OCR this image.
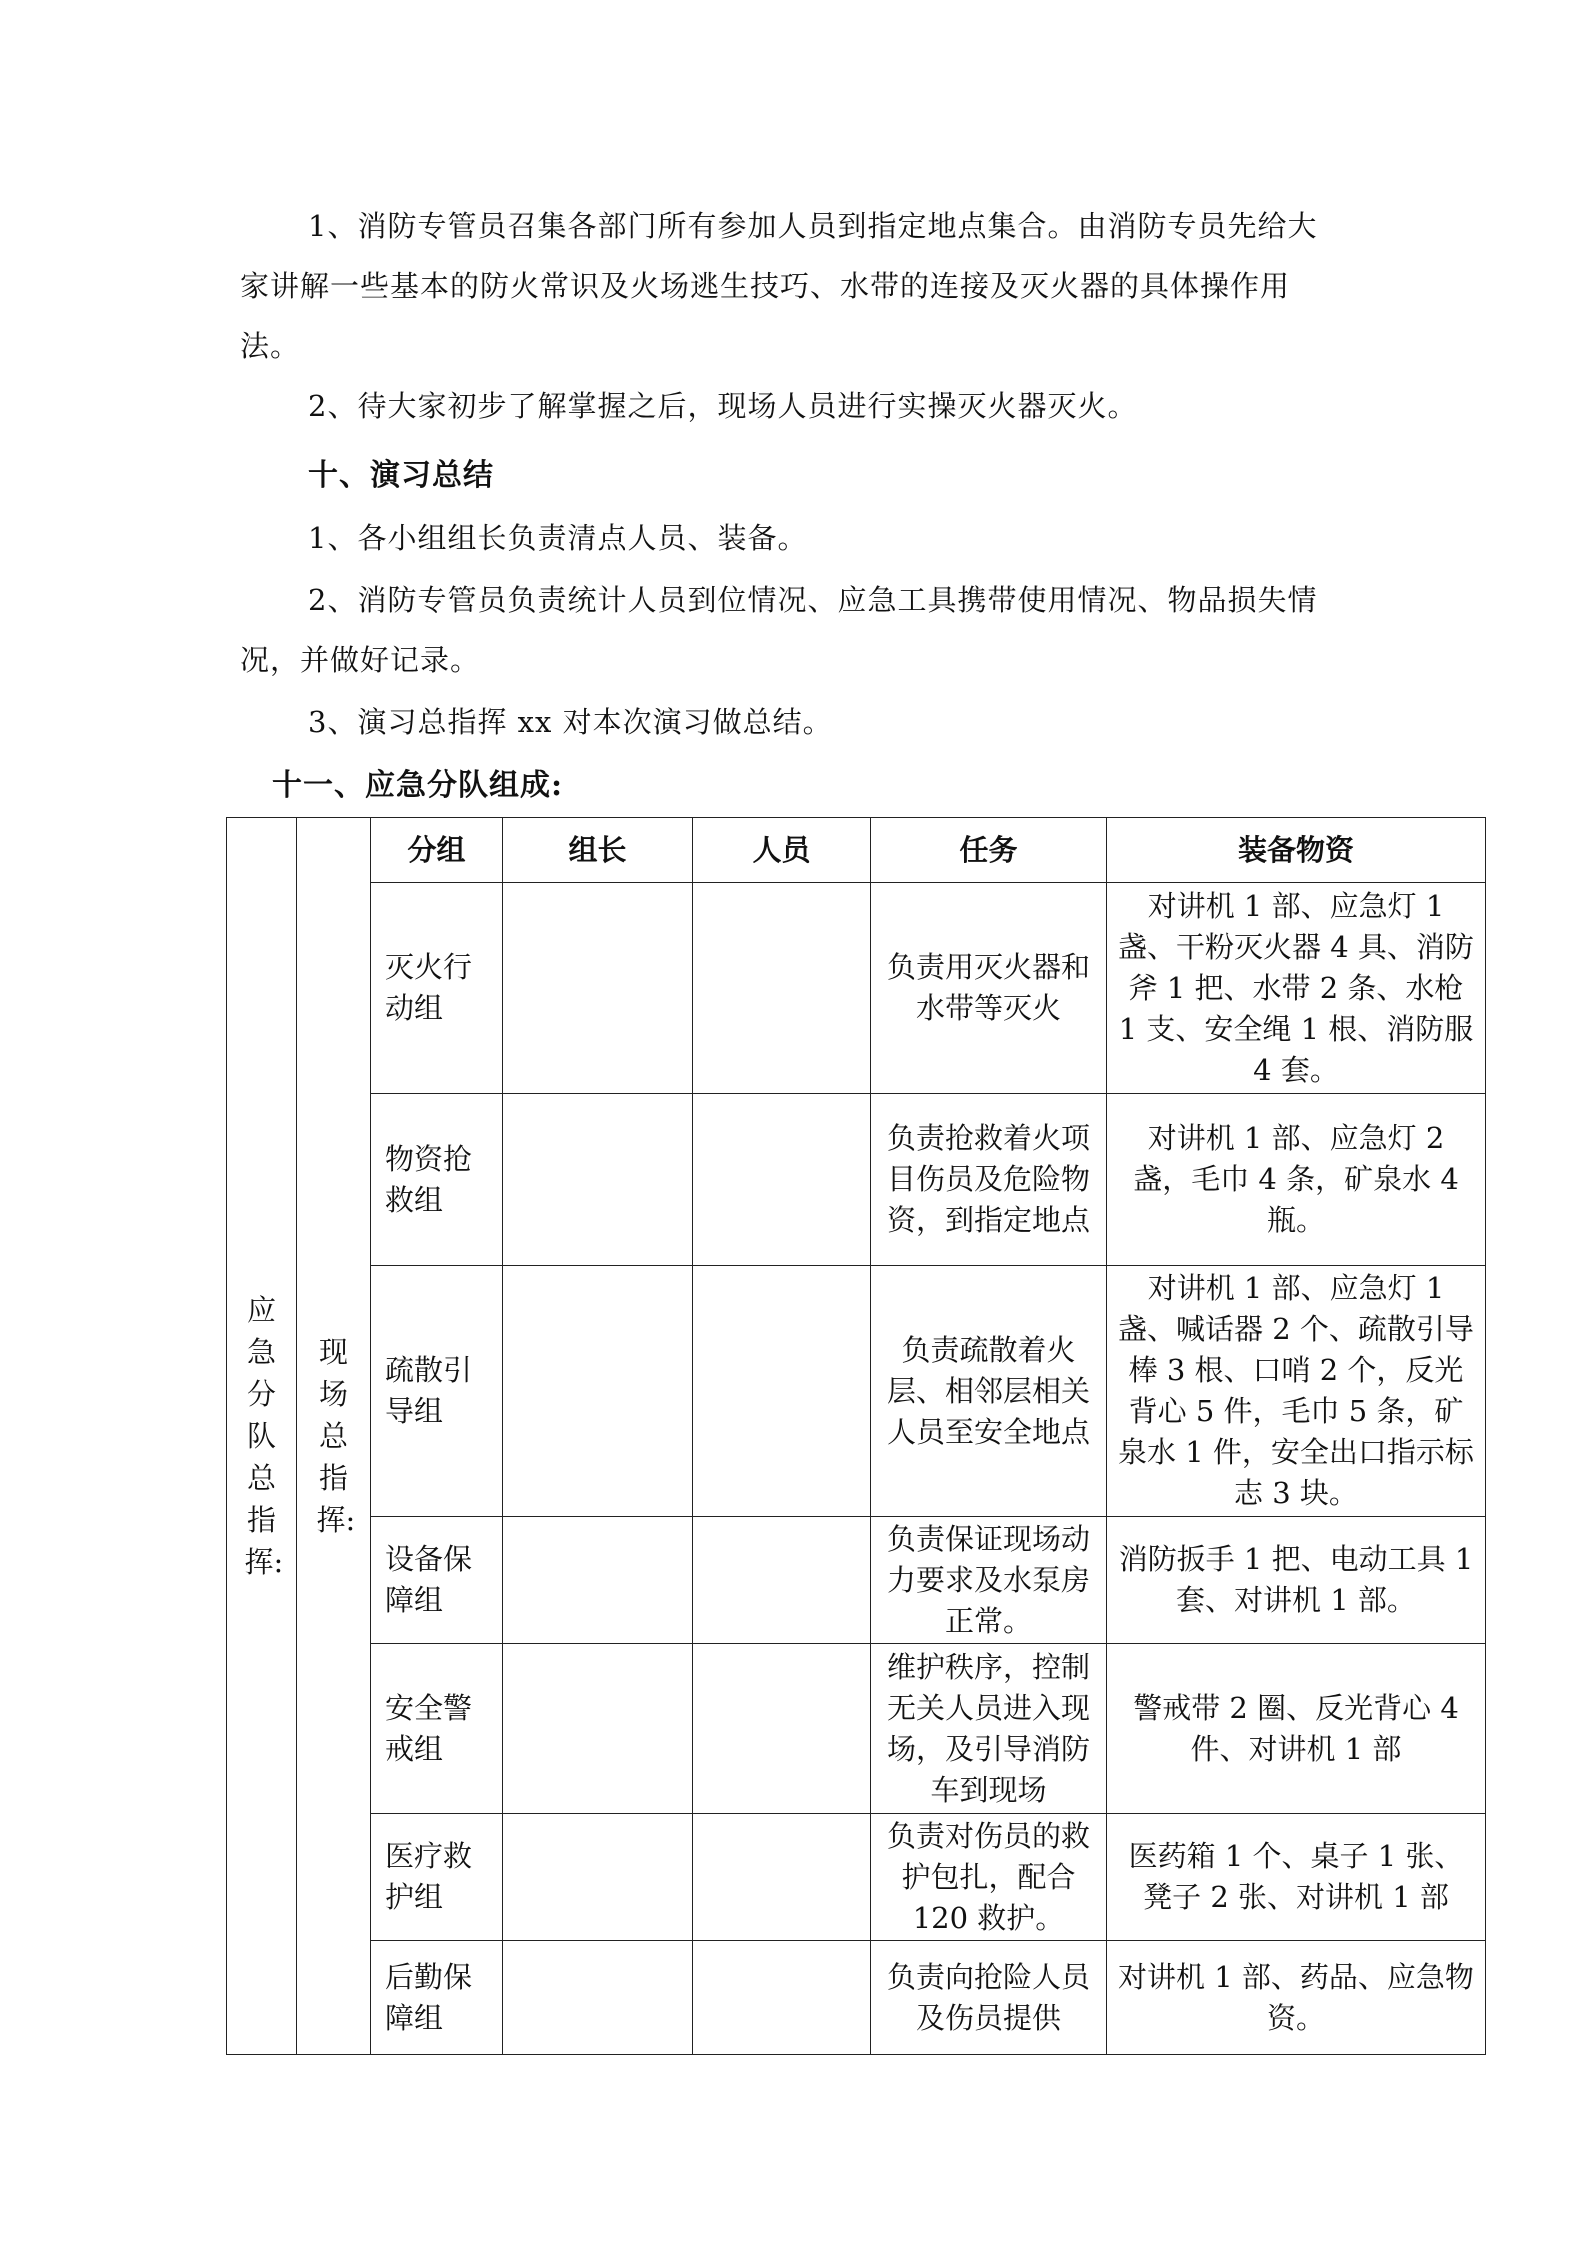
1、消防专管员召集各部门所有参加人员到指定地点集合。由消防专员先给大家讲解一些基本的防火常识及火场逃生技巧、水带的连接及灭火器的具体操作用法。

2、待大家初步了解掌握之后，现场人员进行实操灭火器灭火。

十、演习总结

1、各小组组长负责清点人员、装备。

2、消防专管员负责统计人员到位情况、应急工具携带使用情况、物品损失情况，并做好记录。

3、演习总指挥 xx 对本次演习做总结。

十一、应急分队组成:

应急分队总指挥:	现场总指挥:	分组	组长	人员	任务	装备物资
		灭火行动组			负责用灭火器和水带等灭火	对讲机 1 部、应急灯 1 盏、干粉灭火器 4 具、消防斧 1 把、水带 2 条、水枪 1 支、安全绳 1 根、消防服 4 套。
		物资抢救组			负责抢救着火项目伤员及危险物资，到指定地点	对讲机 1 部、应急灯 2 盏，毛巾 4 条，矿泉水 4 瓶。
		疏散引导组			负责疏散着火层、相邻层相关人员至安全地点	对讲机 1 部、应急灯 1 盏、喊话器 2 个、疏散引导棒 3 根、口哨 2 个，反光背心 5 件，毛巾 5 条，矿泉水 1 件，安全出口指示标志 3 块。
		设备保障组			负责保证现场动力要求及水泵房正常。	消防扳手 1 把、电动工具 1 套、对讲机 1 部。
		安全警戒组			维护秩序，控制无关人员进入现场，及引导消防车到现场	警戒带 2 圈、反光背心 4 件、对讲机 1 部
		医疗救护组			负责对伤员的救护包扎，配合 120 救护。	医药箱 1 个、桌子 1 张、凳子 2 张、对讲机 1 部
		后勤保障组			负责向抢险人员及伤员提供	对讲机 1 部、药品、应急物资。
